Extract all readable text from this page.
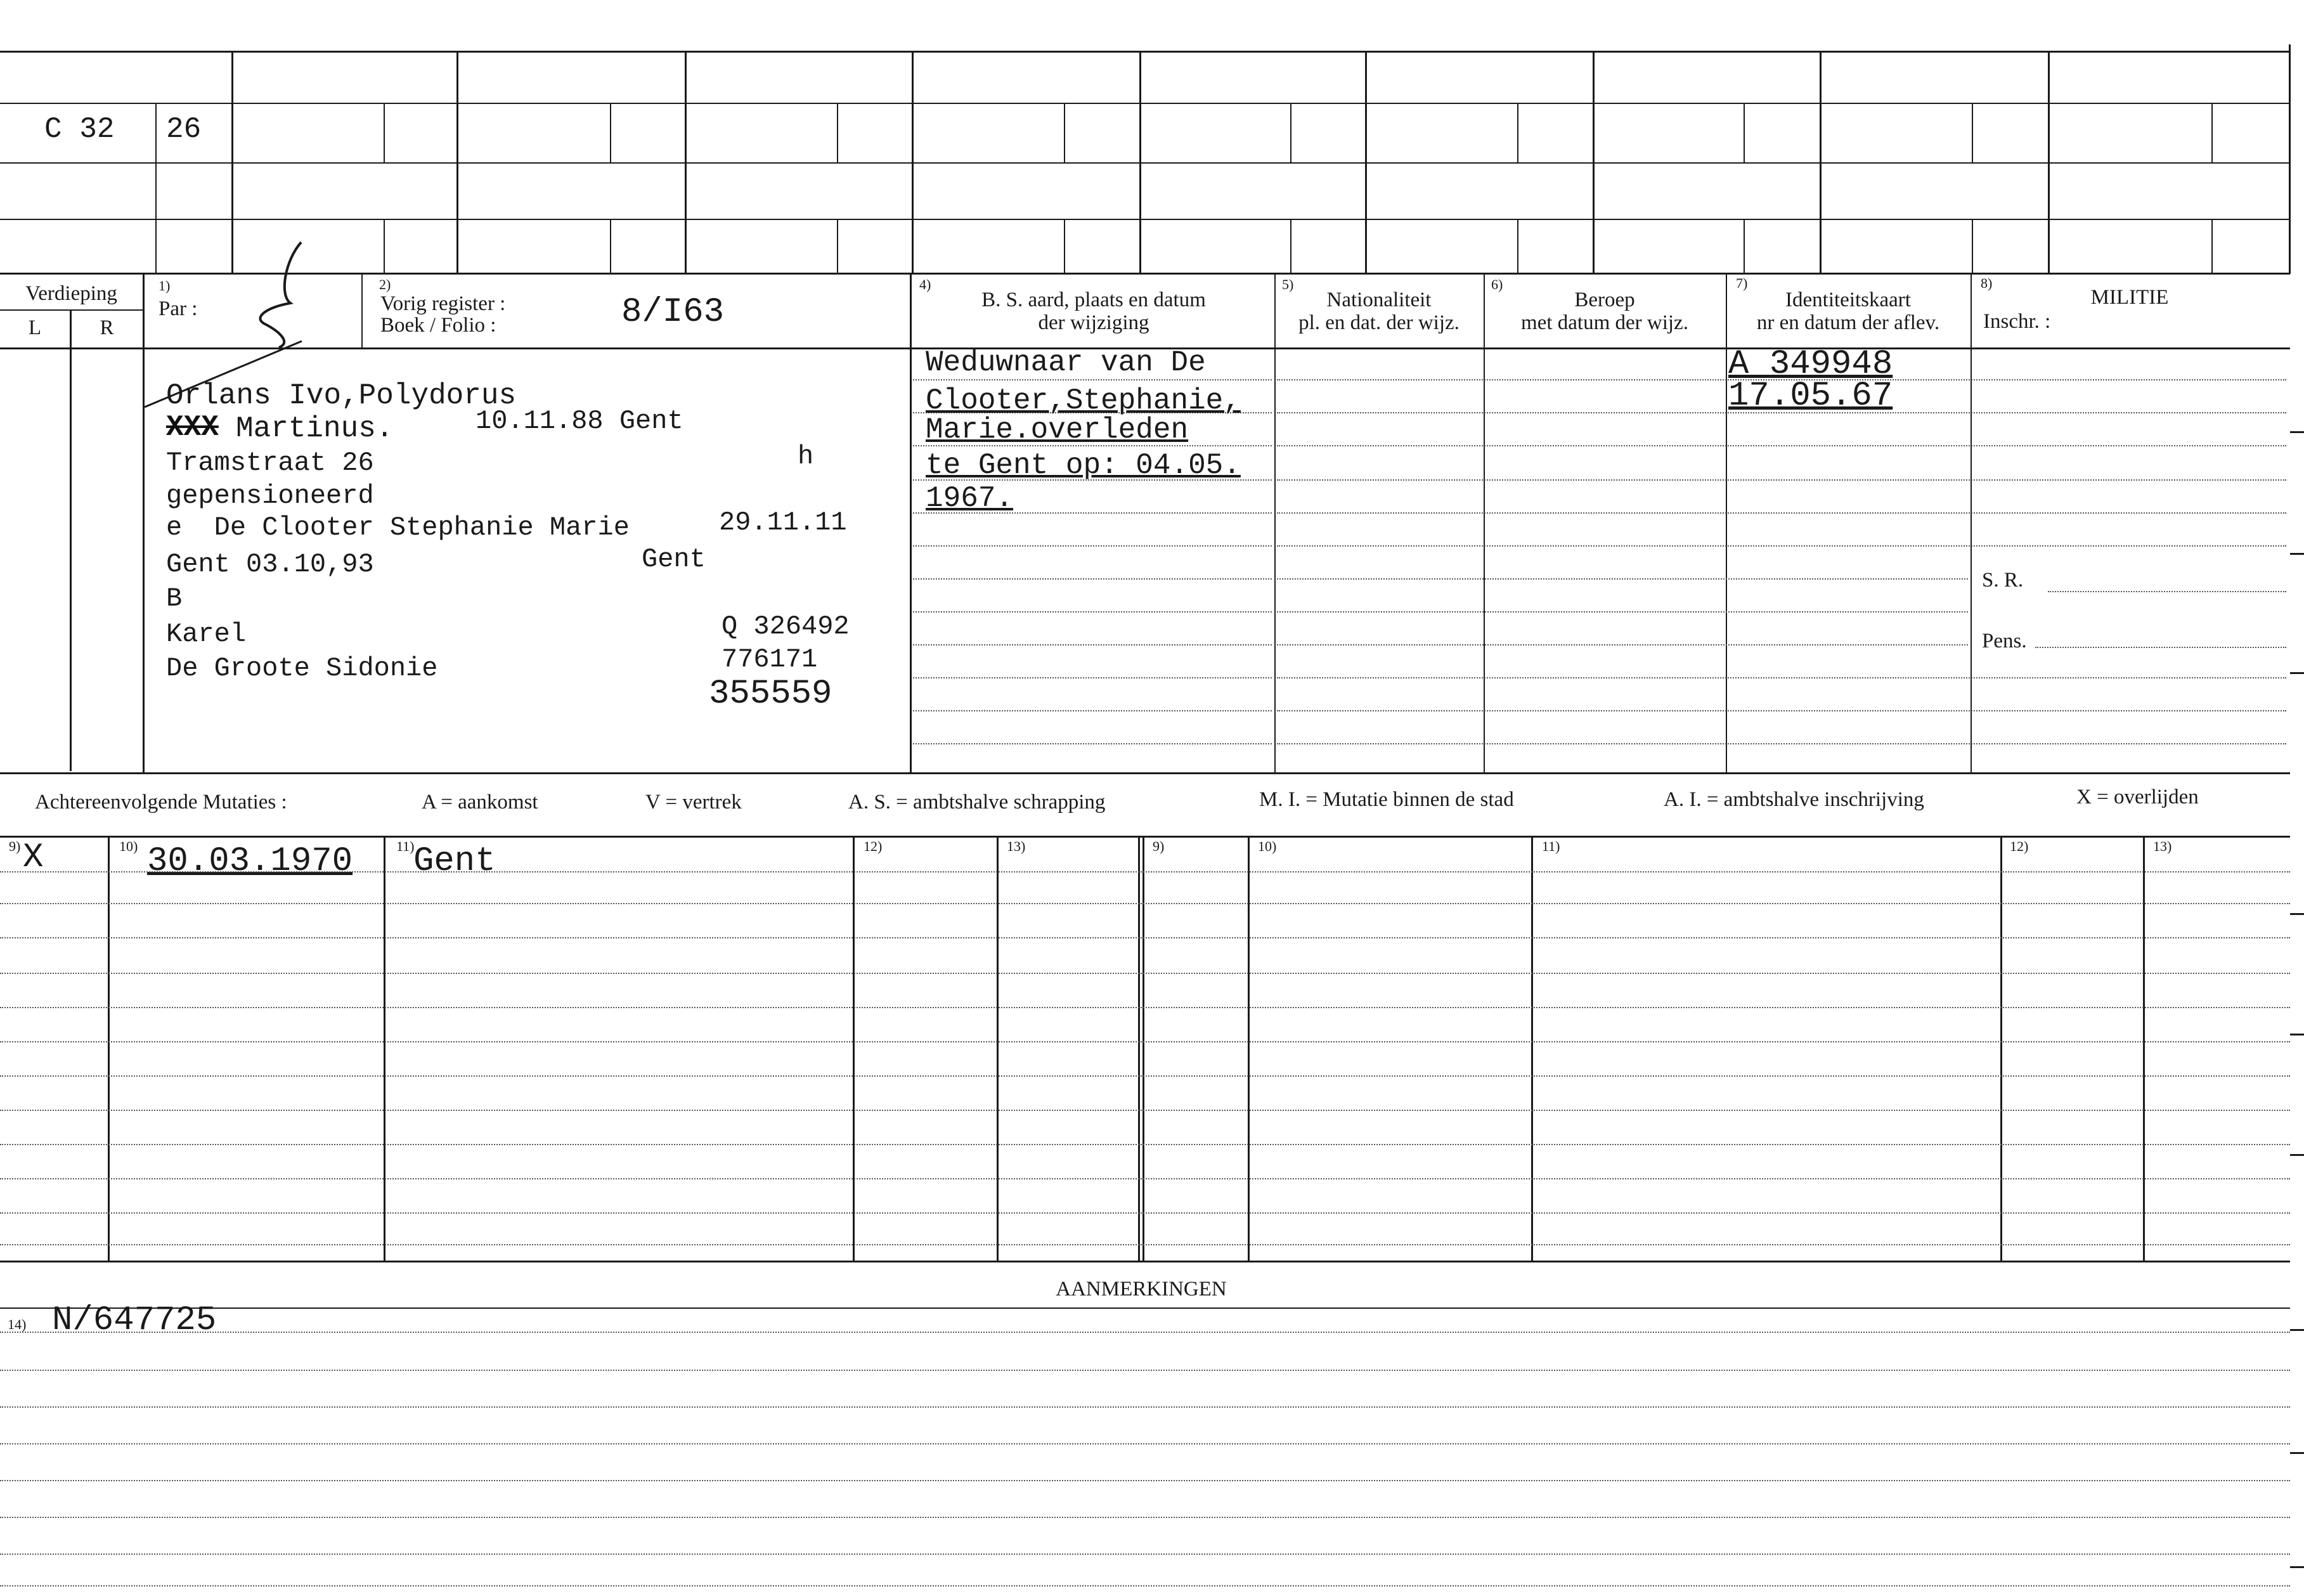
C 32 26
Verdieping
L	R
1)
Par :
2)
Vorig register :
Boek / Folio :	8/I63
4)
B. S. aard, plaats en datum
der wijziging
5)
Nationaliteit
pl. en dat. der wijz.
6)
Beroep
met datum der wijz.
7)
Identiteitskaart
nr en datum der aflev.
8)
MILITIE
Inschr. :
Orlans Ivo,Polydorus
XXX Martinus.	10.11.88 Gent
Tramstraat 26	h
gepensioneerd
e  De Clooter Stephanie Marie	29.11.11
Gent 03.10,93	Gent
B
Karel	Q 326492
De Groote Sidonie	776171
355559
Weduwnaar van De
Clooter,Stephanie,
Marie.overleden
te Gent op: 04.05.
1967.
A 349948
17.05.67
S. R.
Pens.
Achtereenvolgende Mutaties :	A = aankomst	V = vertrek	A. S. = ambtshalve schrapping	M. I. = Mutatie binnen de stad	A. I. = ambtshalve inschrijving	X = overlijden
9)	10)	11)	12)	13)	9)	10)	11)	12)	13)
X	30.03.1970 Gent
AANMERKINGEN
14) N/647725
